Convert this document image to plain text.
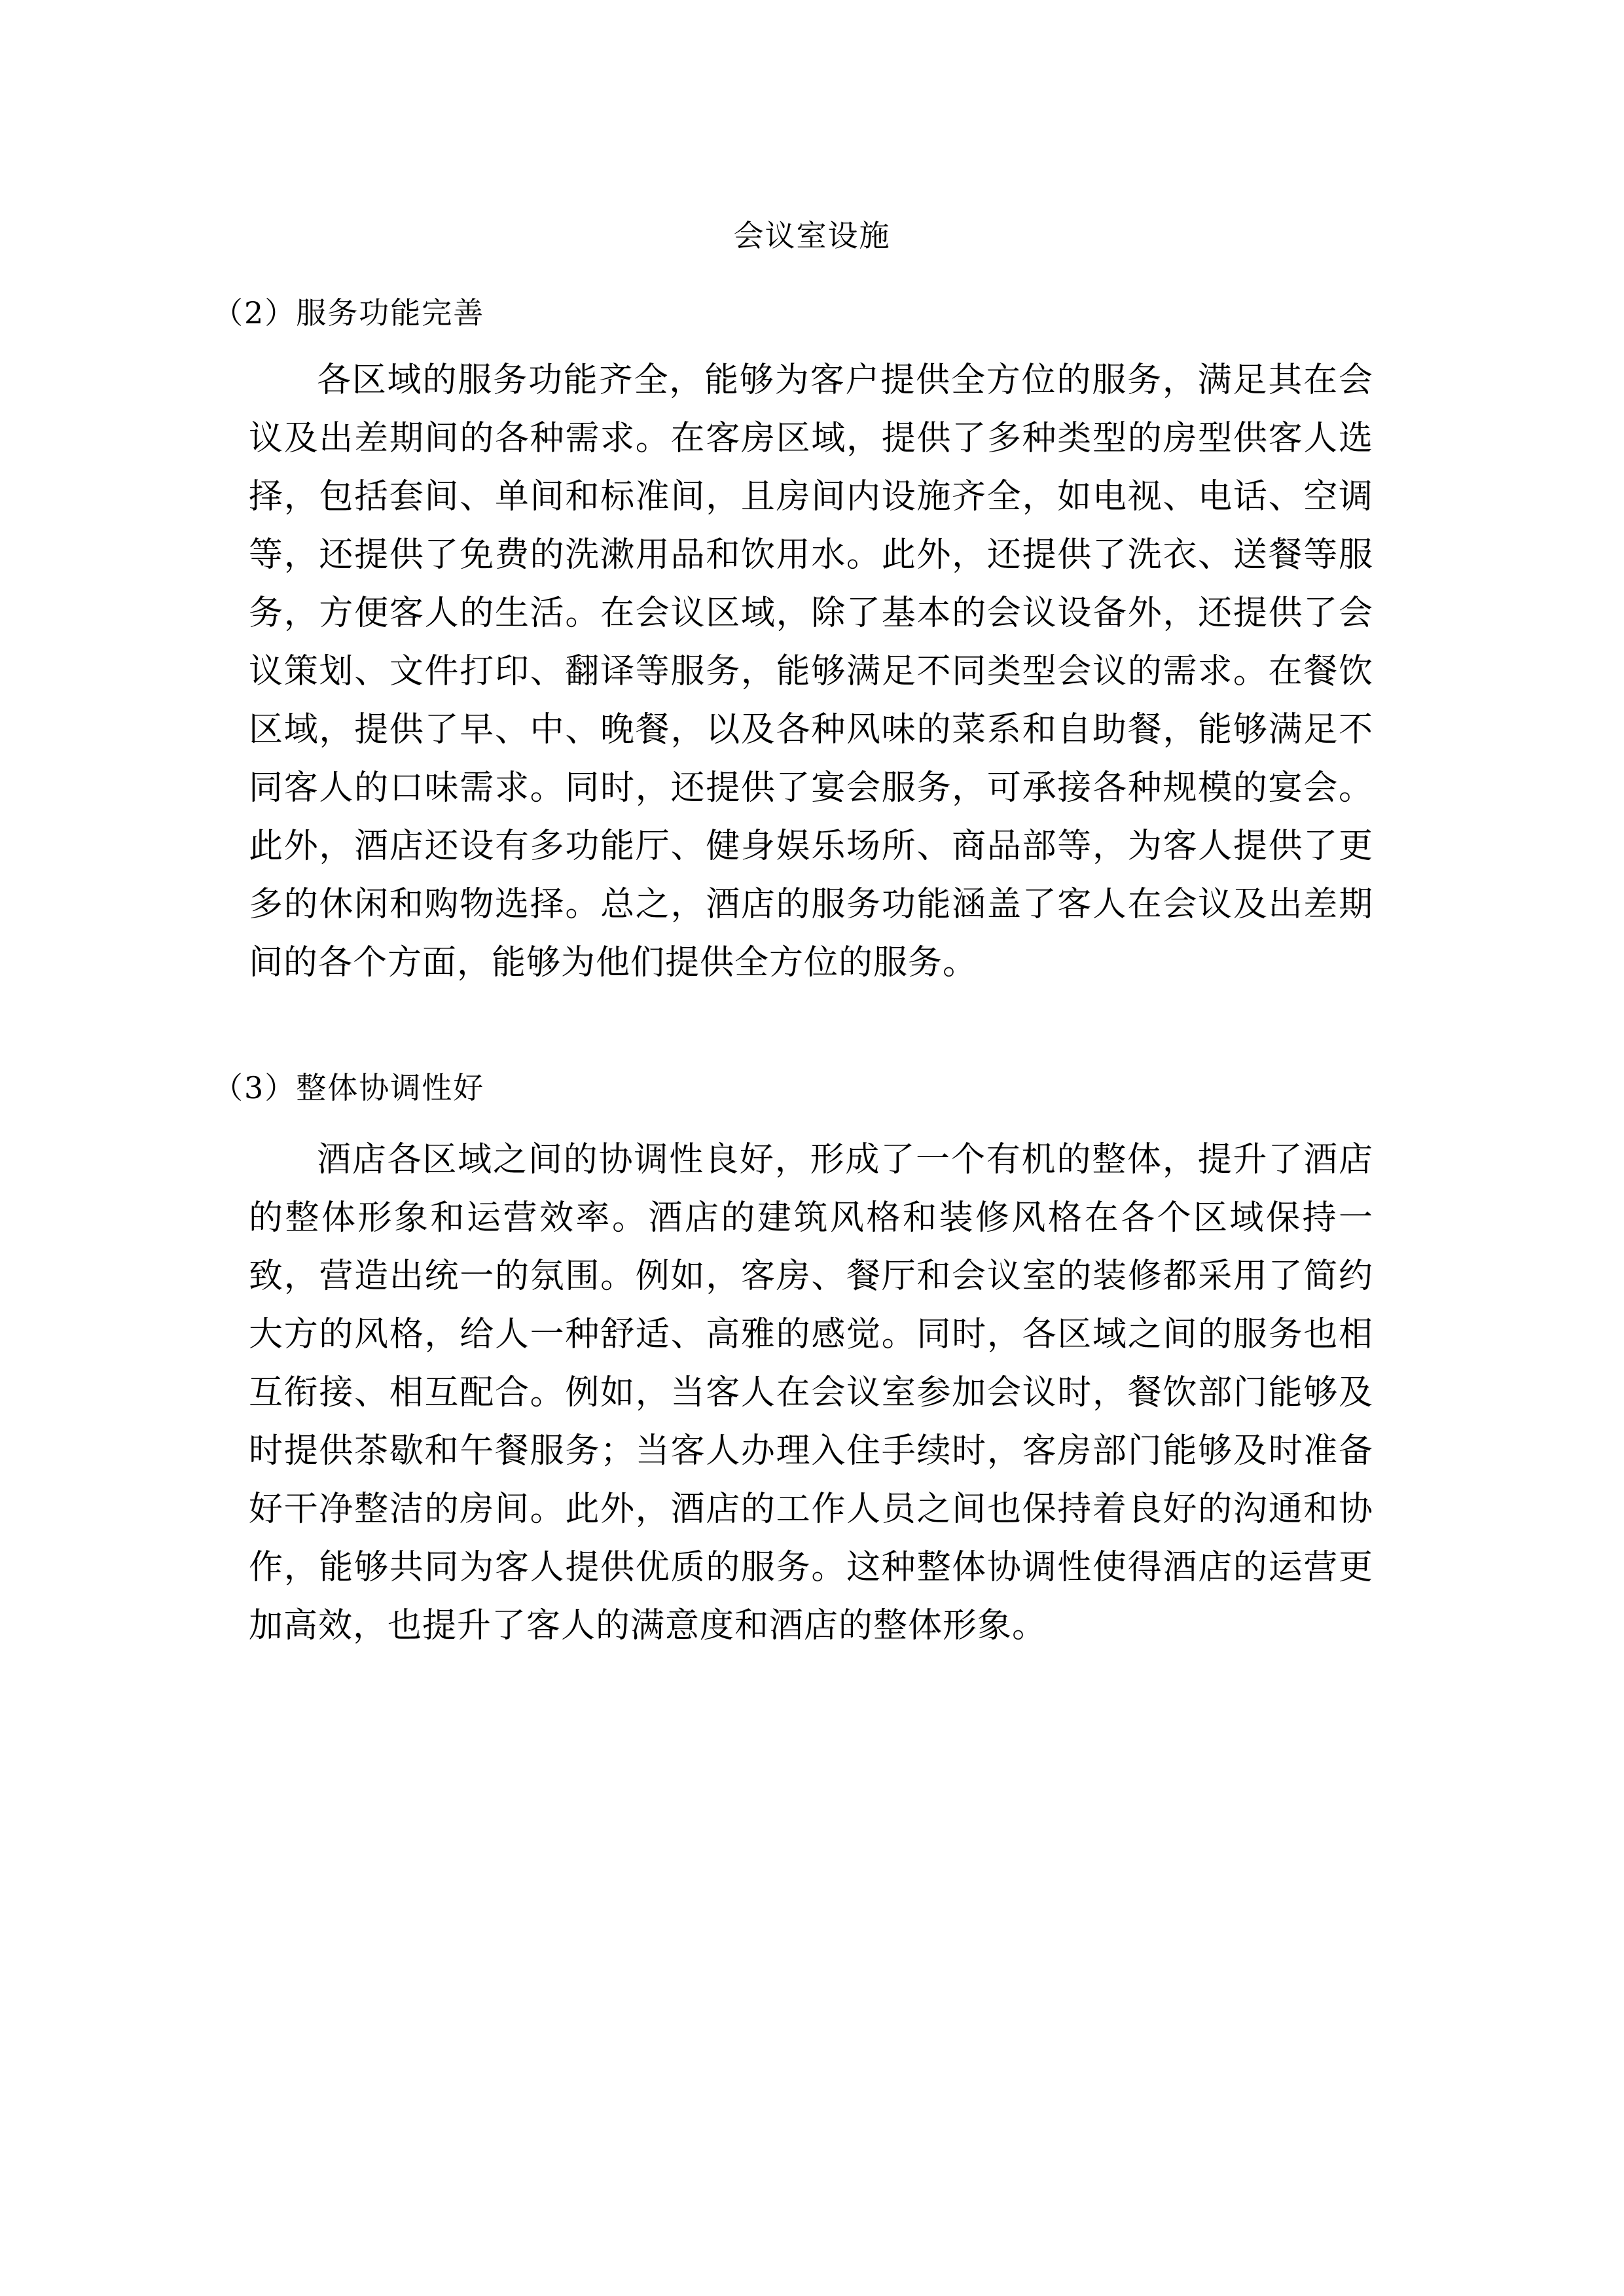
会议室设施
（2）服务功能完善

各区域的服务功能齐全，能够为客户提供全方位的服务，满足其在会议及出差期间的各种需求。在客房区域，提供了多种类型的房型供客人选择，包括套间、单间和标准间，且房间内设施齐全，如电视、电话、空调等，还提供了免费的洗漱用品和饮用水。此外，还提供了洗衣、送餐等服务，方便客人的生活。在会议区域，除了基本的会议设备外，还提供了会议策划、文件打印、翻译等服务，能够满足不同类型会议的需求。在餐饮区域，提供了早、中、晚餐，以及各种风味的菜系和自助餐，能够满足不同客人的口味需求。同时，还提供了宴会服务，可承接各种规模的宴会。此外，酒店还设有多功能厅、健身娱乐场所、商品部等，为客人提供了更多的休闲和购物选择。总之，酒店的服务功能涵盖了客人在会议及出差期间的各个方面，能够为他们提供全方位的服务。

（3）整体协调性好

酒店各区域之间的协调性良好，形成了一个有机的整体，提升了酒店的整体形象和运营效率。酒店的建筑风格和装修风格在各个区域保持一致，营造出统一的氛围。例如，客房、餐厅和会议室的装修都采用了简约大方的风格，给人一种舒适、高雅的感觉。同时，各区域之间的服务也相互衔接、相互配合。例如，当客人在会议室参加会议时，餐饮部门能够及时提供茶歇和午餐服务；当客人办理入住手续时，客房部门能够及时准备好干净整洁的房间。此外，酒店的工作人员之间也保持着良好的沟通和协作，能够共同为客人提供优质的服务。这种整体协调性使得酒店的运营更加高效，也提升了客人的满意度和酒店的整体形象。
